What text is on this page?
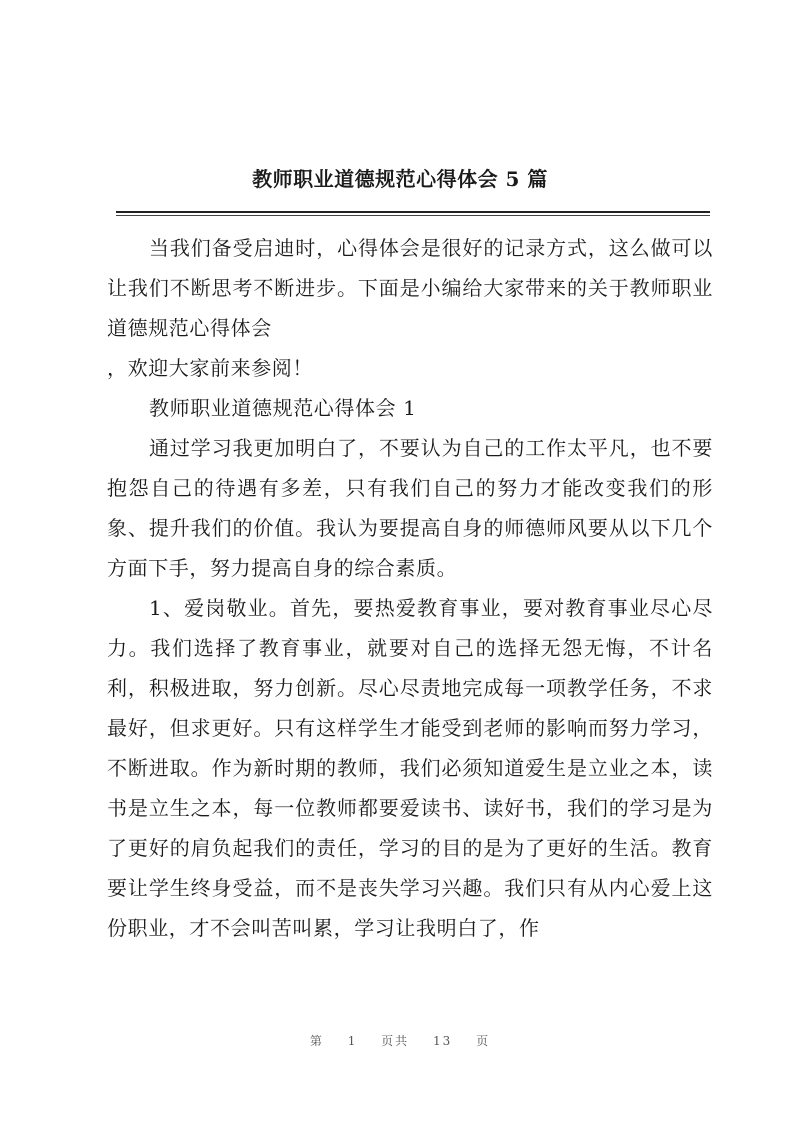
教师职业道德规范心得体会 5 篇

当我们备受启迪时，心得体会是很好的记录方式，这么做可以让我们不断思考不断进步。下面是小编给大家带来的关于教师职业道德规范心得体会

，欢迎大家前来参阅！

教师职业道德规范心得体会 1

通过学习我更加明白了，不要认为自己的工作太平凡，也不要抱怨自己的待遇有多差，只有我们自己的努力才能改变我们的形象、提升我们的价值。我认为要提高自身的师德师风要从以下几个方面下手，努力提高自身的综合素质。

1、爱岗敬业。首先，要热爱教育事业，要对教育事业尽心尽力。我们选择了教育事业，就要对自己的选择无怨无悔，不计名利，积极进取，努力创新。尽心尽责地完成每一项教学任务，不求最好，但求更好。只有这样学生才能受到老师的影响而努力学习，不断进取。作为新时期的教师，我们必须知道爱生是立业之本，读书是立生之本，每一位教师都要爱读书、读好书，我们的学习是为了更好的肩负起我们的责任，学习的目的是为了更好的生活。教育要让学生终身受益，而不是丧失学习兴趣。我们只有从内心爱上这份职业，才不会叫苦叫累，学习让我明白了，作

第 1 页共 13 页
